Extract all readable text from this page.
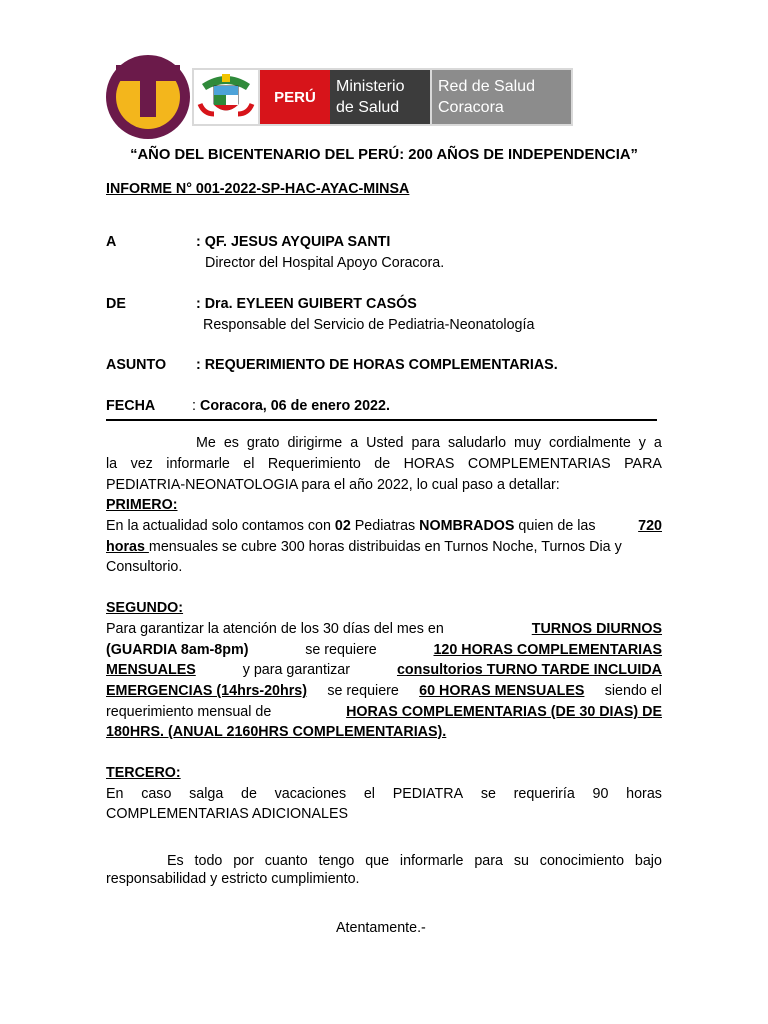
PERÚ
Ministerio
de Salud
Red de Salud
Coracora
“AÑO DEL BICENTENARIO DEL PERÚ: 200 AÑOS DE INDEPENDENCIA”
INFORME N° 001-2022-SP-HAC-AYAC-MINSA
A	: QF. JESUS AYQUIPA SANTI
Director del Hospital Apoyo Coracora.
DE	: Dra. EYLEEN GUIBERT CASÓS
Responsable del Servicio de Pediatria-Neonatología
ASUNTO : REQUERIMIENTO DE HORAS COMPLEMENTARIAS.
FECHA	: Coracora, 06 de enero 2022.
Me es grato dirigirme a Usted para saludarlo muy cordialmente y a
la vez informarle el Requerimiento de HORAS COMPLEMENTARIAS PARA
PEDIATRIA-NEONATOLOGIA para el año 2022, lo cual paso a detallar:
PRIMERO:
En la actualidad solo contamos con 02 Pediatras NOMBRADOS quien de las	720
horas mensuales se cubre 300 horas distribuidas en Turnos Noche, Turnos Dia y
Consultorio.
SEGUNDO:
Para garantizar la atención de los 30 días del mes en	TURNOS DIURNOS
(GUARDIA 8am-8pm)	se requiere	120 HORAS COMPLEMENTARIAS
MENSUALES	y para garantizar	consultorios TURNO TARDE INCLUIDA
EMERGENCIAS (14hrs-20hrs) se requiere 60 HORAS MENSUALES siendo el
requerimiento mensual de	HORAS COMPLEMENTARIAS (DE 30 DIAS) DE
180HRS. (ANUAL 2160HRS COMPLEMENTARIAS).
TERCERO:
En caso salga de vacaciones el PEDIATRA se requeriría 90 horas
COMPLEMENTARIAS ADICIONALES
Es todo por cuanto tengo que informarle para su conocimiento bajo
responsabilidad y estricto cumplimiento.
Atentamente.-
